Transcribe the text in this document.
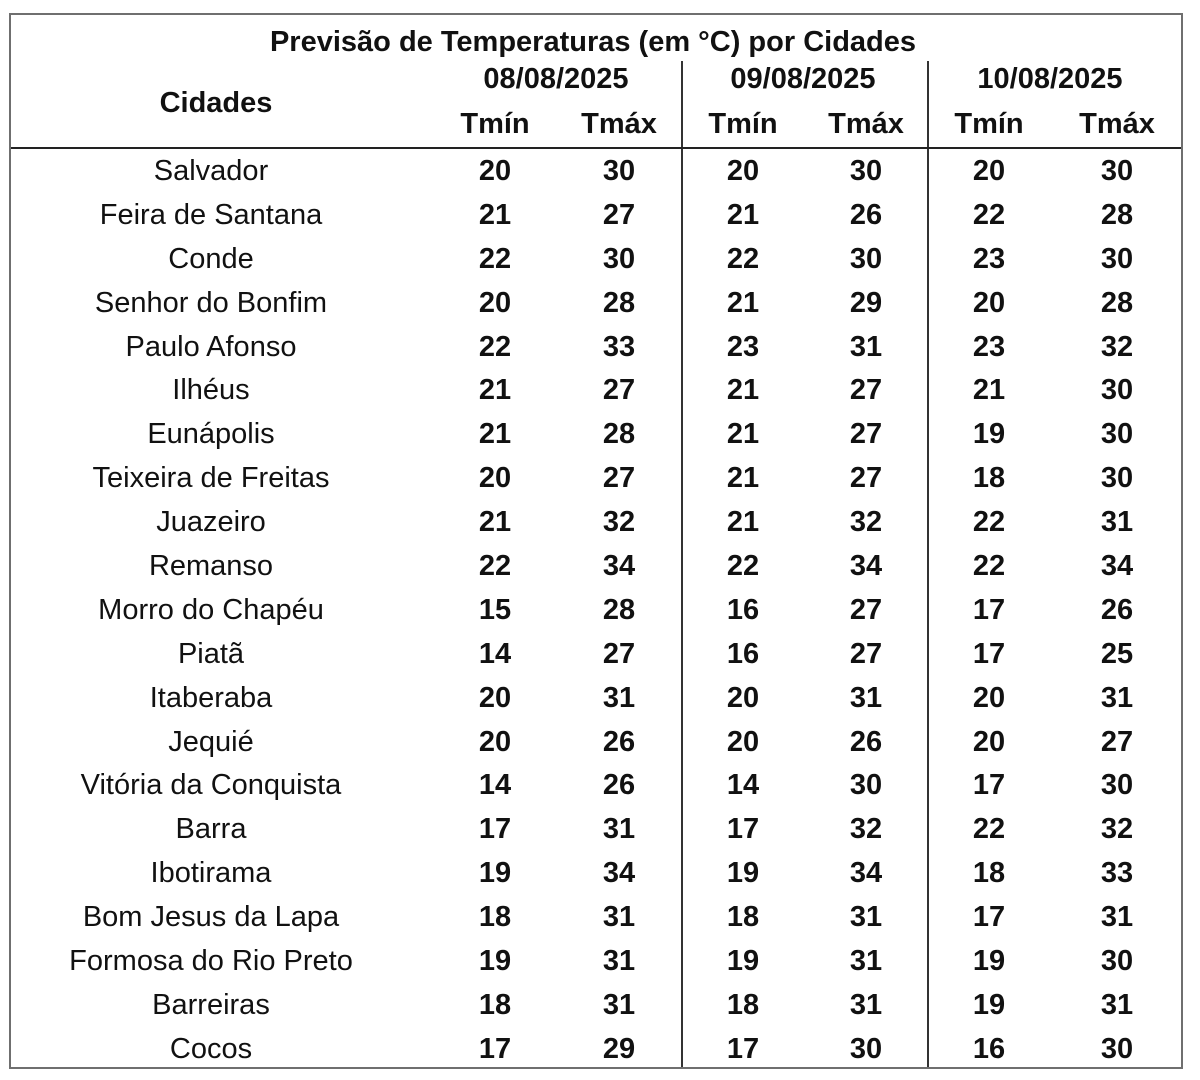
Previsão de Temperaturas (em °C) por Cidades
Cidades
08/08/2025	09/08/2025	10/08/2025
Tmín	Tmáx	Tmín	Tmáx	Tmín	Tmáx
Salvador	20	30	20	30	20	30
Feira de Santana	21	27	21	26	22	28
Conde	22	30	22	30	23	30
Senhor do Bonfim	20	28	21	29	20	28
Paulo Afonso	22	33	23	31	23	32
Ilhéus	21	27	21	27	21	30
Eunápolis	21	28	21	27	19	30
Teixeira de Freitas	20	27	21	27	18	30
Juazeiro	21	32	21	32	22	31
Remanso	22	34	22	34	22	34
Morro do Chapéu	15	28	16	27	17	26
Piatã	14	27	16	27	17	25
Itaberaba	20	31	20	31	20	31
Jequié	20	26	20	26	20	27
Vitória da Conquista	14	26	14	30	17	30
Barra	17	31	17	32	22	32
Ibotirama	19	34	19	34	18	33
Bom Jesus da Lapa	18	31	18	31	17	31
Formosa do Rio Preto	19	31	19	31	19	30
Barreiras	18	31	18	31	19	31
Cocos	17	29	17	30	16	30
